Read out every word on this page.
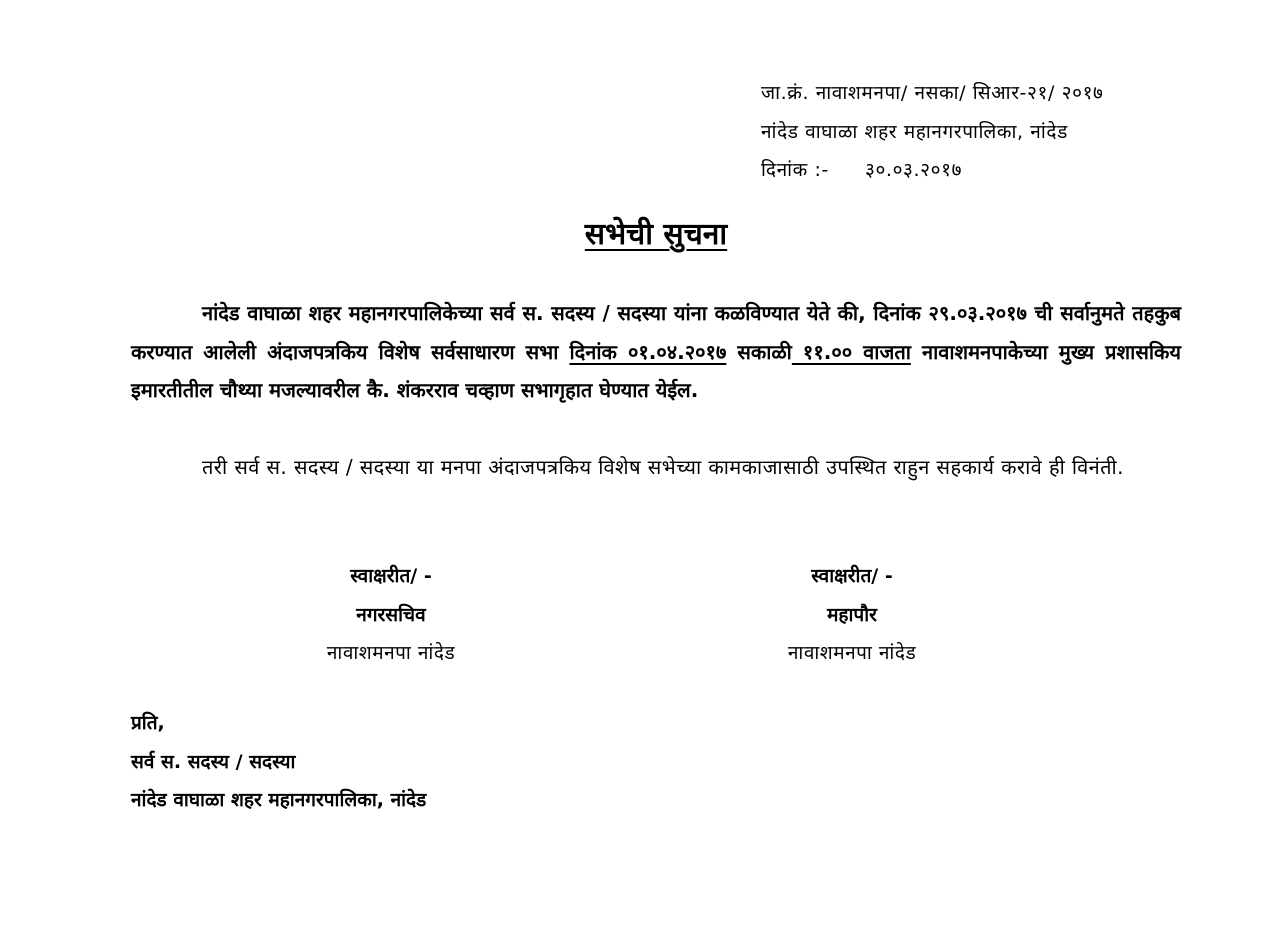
जा.क्रं. नावाशमनपा/ नसका/ सिआर-२१/ २०१७
नांदेड वाघाळा शहर महानगरपालिका, नांदेड
दिनांक :- ३०.०३.२०१७
सभेची सुचना
नांदेड वाघाळा शहर महानगरपालिकेच्या सर्व स. सदस्य / सदस्या यांना कळविण्यात येते की, दिनांक २९.०३.२०१७ ची सर्वानुमते तहकुब करण्यात आलेली अंदाजपत्रकिय विशेष सर्वसाधारण सभा दिनांक ०१.०४.२०१७ सकाळी ११.०० वाजता नावाशमनपाकेच्या मुख्य प्रशासकिय इमारतीतील चौथ्या मजल्यावरील कै. शंकरराव चव्हाण सभागृहात घेण्यात येईल.
तरी सर्व स. सदस्य / सदस्या या मनपा अंदाजपत्रकिय विशेष सभेच्या कामकाजासाठी उपस्थित राहुन सहकार्य करावे ही विनंती.
स्वाक्षरीत/ -
नगरसचिव
नावाशमनपा नांदेड
स्वाक्षरीत/ -
महापौर
नावाशमनपा नांदेड
प्रति,
सर्व स. सदस्य / सदस्या
नांदेड वाघाळा शहर महानगरपालिका, नांदेड
